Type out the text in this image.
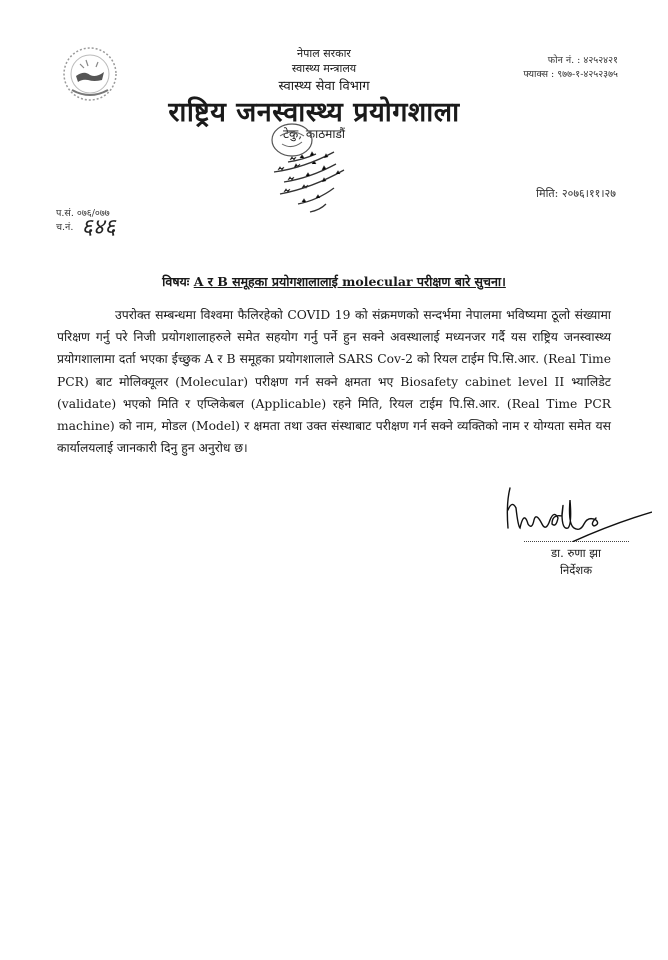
नेपाल सरकार
स्वास्थ्य मन्त्रालय
स्वास्थ्य सेवा विभाग
राष्ट्रिय जनस्वास्थ्य प्रयोगशाला
टेकु, काठमाडौं
फोन नं. : ४२५२४२१
फ्याक्स : ९७७-१-४२५२३७५
प.सं. ०७६/०७७
च.नं. ६४६
मिति: २०७६।११।२७
विषयः A र B समूहका प्रयोगशालालाई molecular परीक्षण बारे सुचना।

उपरोक्त सम्बन्धमा विश्वमा फैलिरहेको COVID 19 को संक्रमणको सन्दर्भमा नेपालमा भविष्यमा ठूलो संख्यामा परिक्षण गर्नु परे निजी प्रयोगशालाहरुले समेत सहयोग गर्नु पर्ने हुन सक्ने अवस्थालाई मध्यनजर गर्दै यस राष्ट्रिय जनस्वास्थ्य प्रयोगशालामा दर्ता भएका ईच्छुक A र B समूहका प्रयोगशालाले SARS Cov-2 को रियल टाईम पि.सि.आर. (Real Time PCR) बाट मोलिक्यूलर (Molecular) परीक्षण गर्न सक्ने क्षमता भए Biosafety cabinet level II भ्यालिडेट (validate) भएको मिति र एप्लिकेबल (Applicable) रहने मिति, रियल टाईम पि.सि.आर. (Real Time PCR machine) को नाम, मोडल (Model) र क्षमता तथा उक्त संस्थाबाट परीक्षण गर्न सक्ने व्यक्तिको नाम र योग्यता समेत यस कार्यालयलाई जानकारी दिनु हुन अनुरोध छ।

डा. रुणा झा
निर्देशक
